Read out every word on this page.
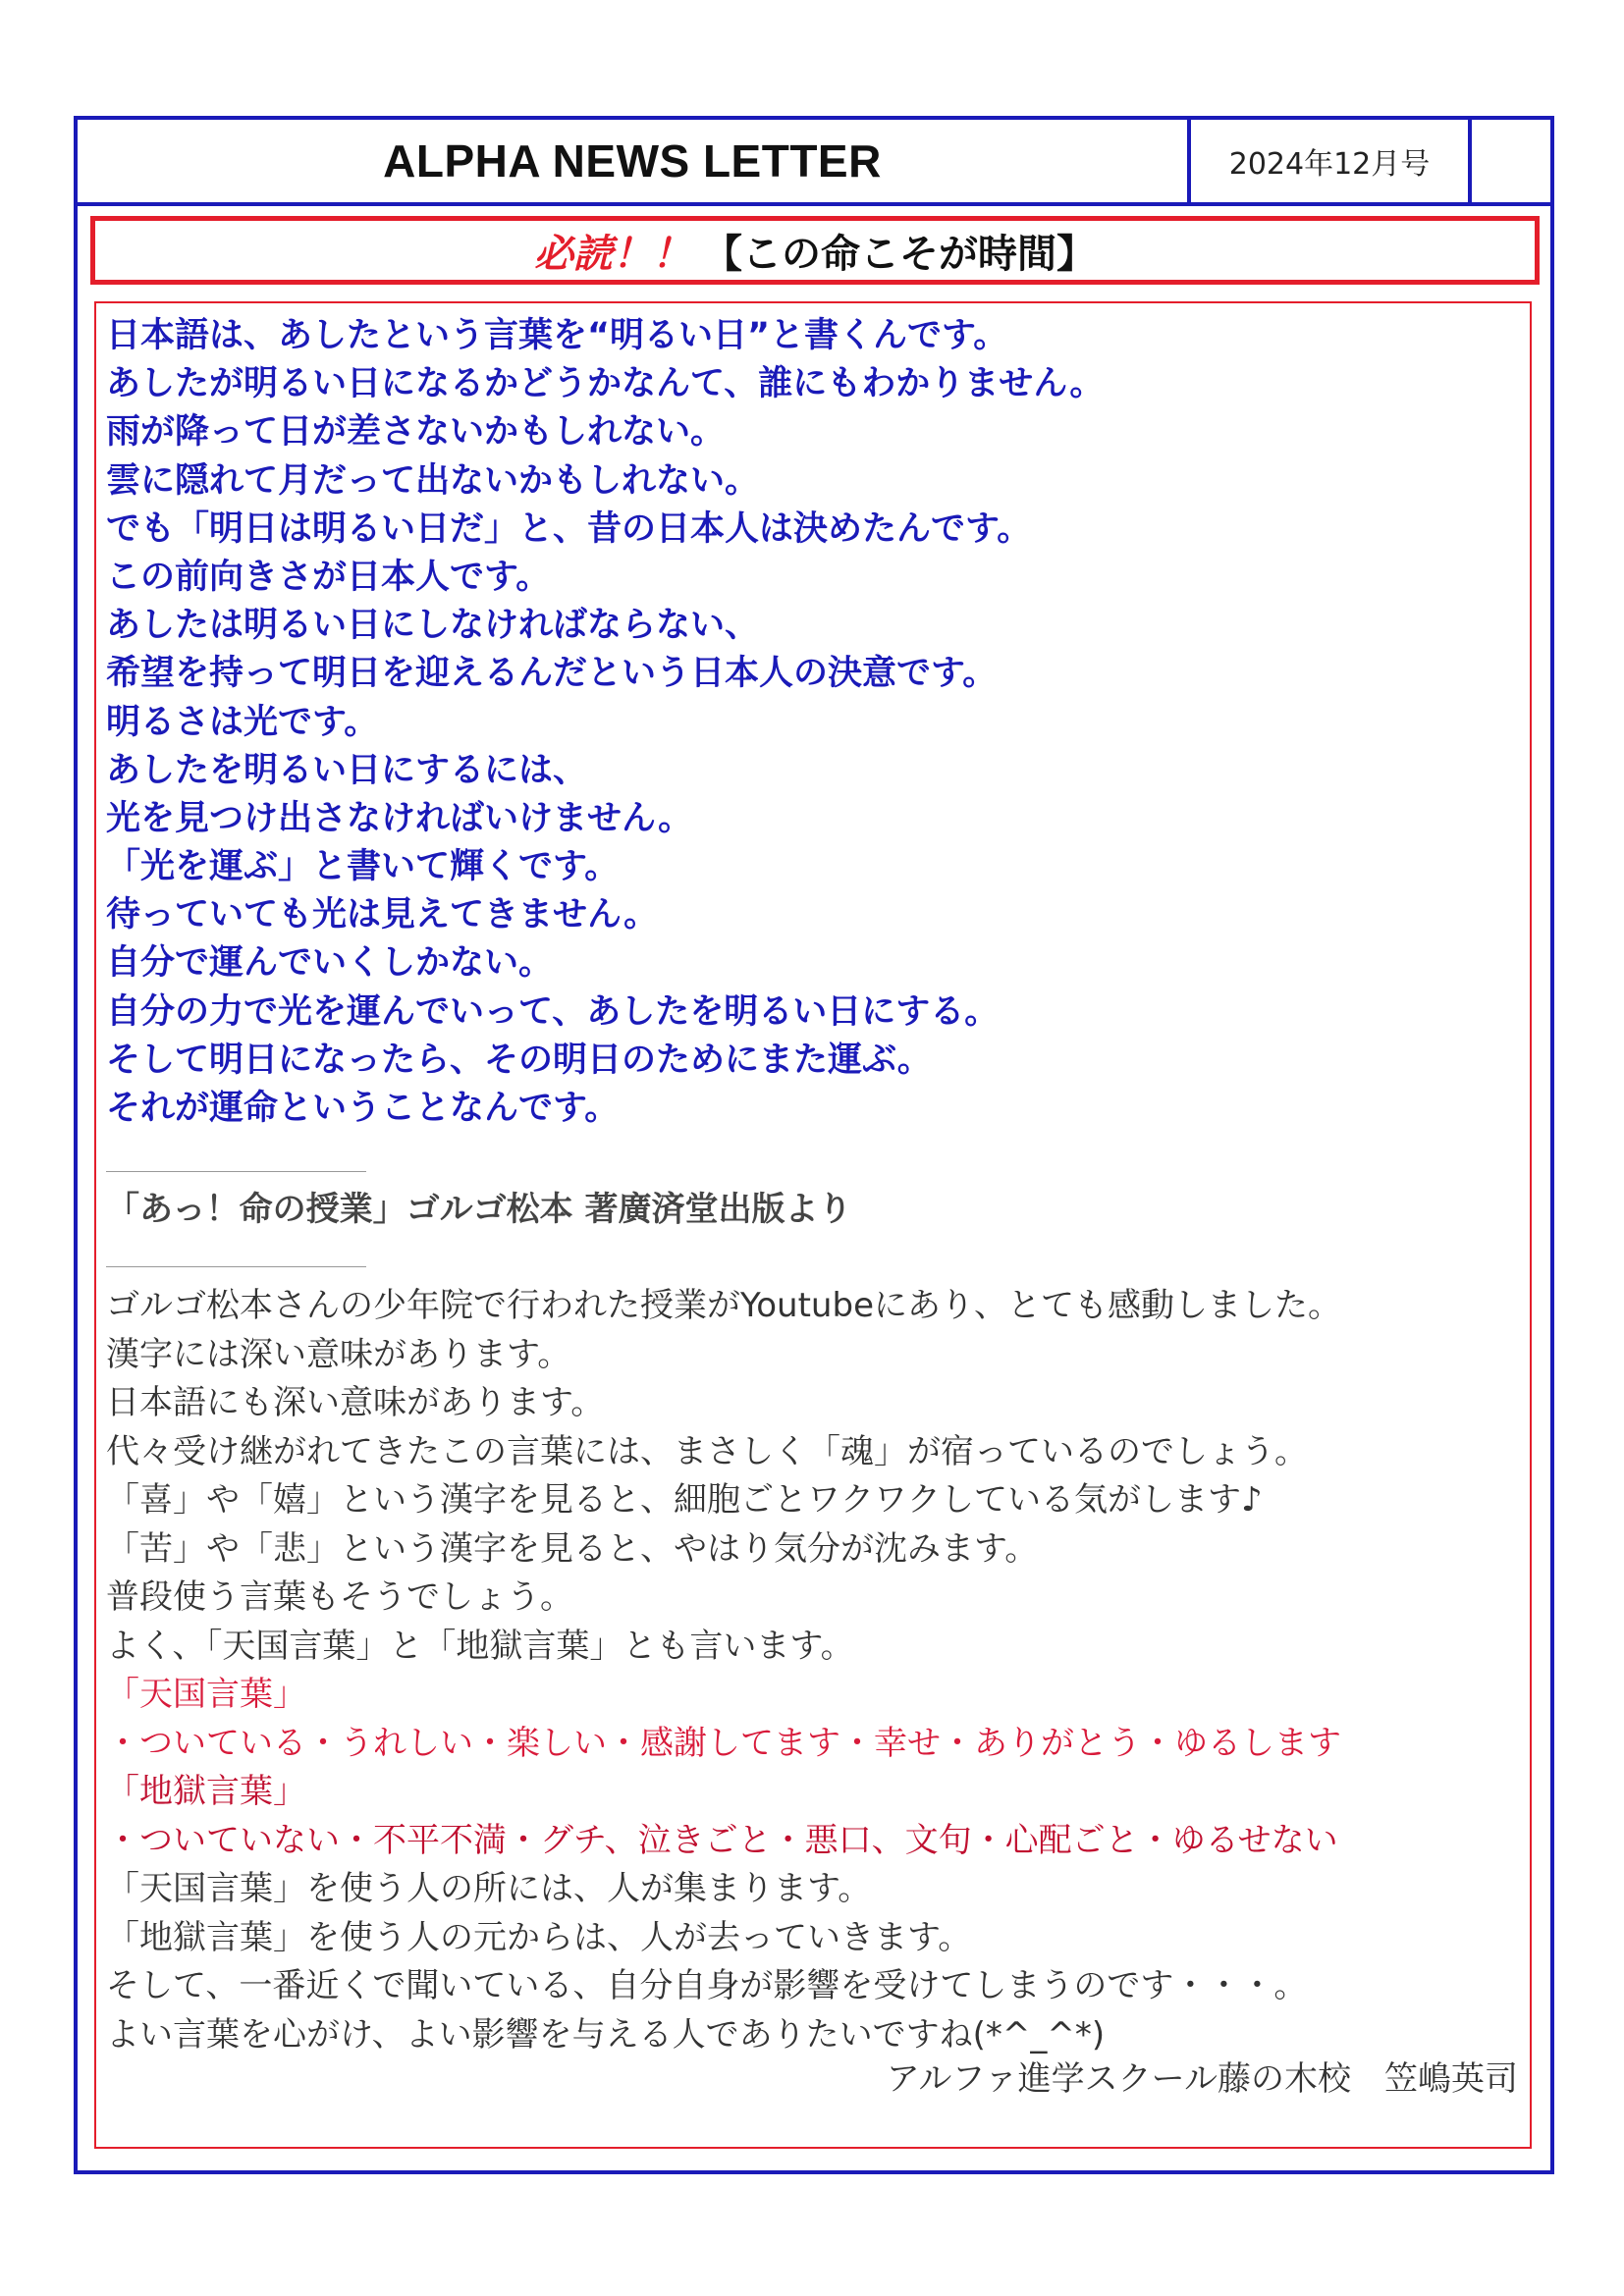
ALPHA NEWS LETTER	2024年12月号
必読！！ 【この命こそが時間】
日本語は、あしたという言葉を“明るい日”と書くんです。
あしたが明るい日になるかどうかなんて、誰にもわかりません。
雨が降って日が差さないかもしれない。
雲に隠れて月だって出ないかもしれない。
でも「明日は明るい日だ」と、昔の日本人は決めたんです。
この前向きさが日本人です。
あしたは明るい日にしなければならない、
希望を持って明日を迎えるんだという日本人の決意です。
明るさは光です。
あしたを明るい日にするには、
光を見つけ出さなければいけません。
「光を運ぶ」と書いて輝くです。
待っていても光は見えてきません。
自分で運んでいくしかない。
自分の力で光を運んでいって、あしたを明るい日にする。
そして明日になったら、その明日のためにまた運ぶ。
それが運命ということなんです。
「あっ！命の授業」ゴルゴ松本 著廣済堂出版より
ゴルゴ松本さんの少年院で行われた授業がYoutubeにあり、とても感動しました。
漢字には深い意味があります。
日本語にも深い意味があります。
代々受け継がれてきたこの言葉には、まさしく「魂」が宿っているのでしょう。
「喜」や「嬉」という漢字を見ると、細胞ごとワクワクしている気がします♪
「苦」や「悲」という漢字を見ると、やはり気分が沈みます。
普段使う言葉もそうでしょう。
よく、「天国言葉」と「地獄言葉」とも言います。
「天国言葉」
・ついている・うれしい・楽しい・感謝してます・幸せ・ありがとう・ゆるします
「地獄言葉」
・ついていない・不平不満・グチ、泣きごと・悪口、文句・心配ごと・ゆるせない
「天国言葉」を使う人の所には、人が集まります。
「地獄言葉」を使う人の元からは、人が去っていきます。
そして、一番近くで聞いている、自分自身が影響を受けてしまうのです・・・。
よい言葉を心がけ、よい影響を与える人でありたいですね(*^_^*)
アルファ進学スクール藤の木校　笠嶋英司
